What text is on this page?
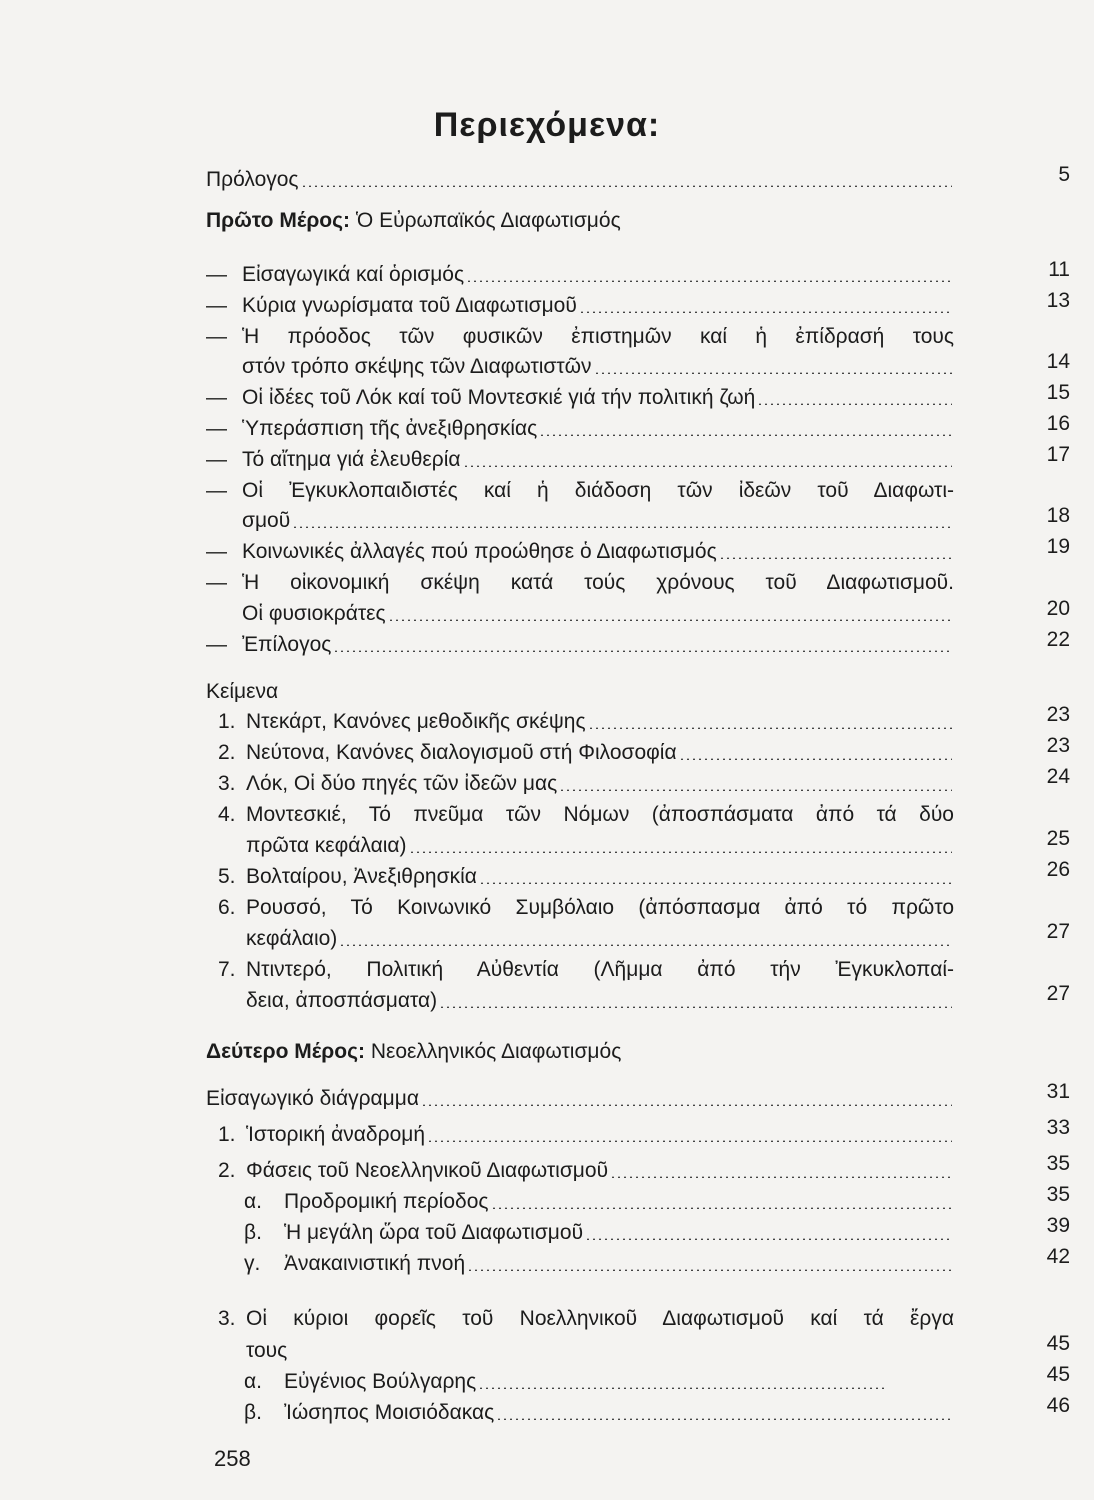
Περιεχόμενα:
Πρόλογος	5
Πρῶτο Μέρος: Ὁ Εὐρωπαϊκός Διαφωτισμός
— Εἰσαγωγικά καί ὁρισμός	11
— Κύρια γνωρίσματα τοῦ Διαφωτισμοῦ	13
— Ἡ πρόοδος τῶν φυσικῶν ἐπιστημῶν καί ἡ ἐπίδρασή τους
στόν τρόπο σκέψης τῶν Διαφωτιστῶν	14
— Οἱ ἰδέες τοῦ Λόκ καί τοῦ Μοντεσκιέ γιά τήν πολιτική ζωή	15
— Ὑπεράσπιση τῆς ἀνεξιθρησκίας	16
— Τό αἴτημα γιά ἐλευθερία	17
— Οἱ Ἐγκυκλοπαιδιστές καί ἡ διάδοση τῶν ἰδεῶν τοῦ Διαφωτι-
σμοῦ	18
— Κοινωνικές ἀλλαγές πού προώθησε ὁ Διαφωτισμός	19
— Ἡ οἰκονομική σκέψη κατά τούς χρόνους τοῦ Διαφωτισμοῦ.
Οἱ φυσιοκράτες	20
— Ἐπίλογος	22
Κείμενα
1. Ντεκάρτ, Κανόνες μεθοδικῆς σκέψης	23
2. Νεύτονα, Κανόνες διαλογισμοῦ στή Φιλοσοφία	23
3. Λόκ, Οἱ δύο πηγές τῶν ἰδεῶν μας	24
4. Μοντεσκιέ, Τό πνεῦμα τῶν Νόμων (ἀποσπάσματα ἀπό τά δύο
πρῶτα κεφάλαια)	25
5. Βολταίρου, Ἀνεξιθρησκία	26
6. Ρουσσό, Τό Κοινωνικό Συμβόλαιο (ἀπόσπασμα ἀπό τό πρῶτο
κεφάλαιο)	27
7. Ντιντερό, Πολιτική Αὐθεντία (Λῆμμα ἀπό τήν Ἐγκυκλοπαί-
δεια, ἀποσπάσματα)	27
Δεύτερο Μέρος: Νεοελληνικός Διαφωτισμός
Εἰσαγωγικό διάγραμμα	31
1. Ἱστορική ἀναδρομή	33
2. Φάσεις τοῦ Νεοελληνικοῦ Διαφωτισμοῦ	35
α.	Προδρομική περίοδος	35
β.	Ἡ μεγάλη ὥρα τοῦ Διαφωτισμοῦ	39
γ.	Ἀνακαινιστική πνοή	42
3. Οἱ κύριοι φορεῖς τοῦ Νοελληνικοῦ Διαφωτισμοῦ καί τά ἔργα
τους	45
α.	Εὐγένιος Βούλγαρης	45
β.	Ἰώσηπος Μοισιόδακας	46
258
